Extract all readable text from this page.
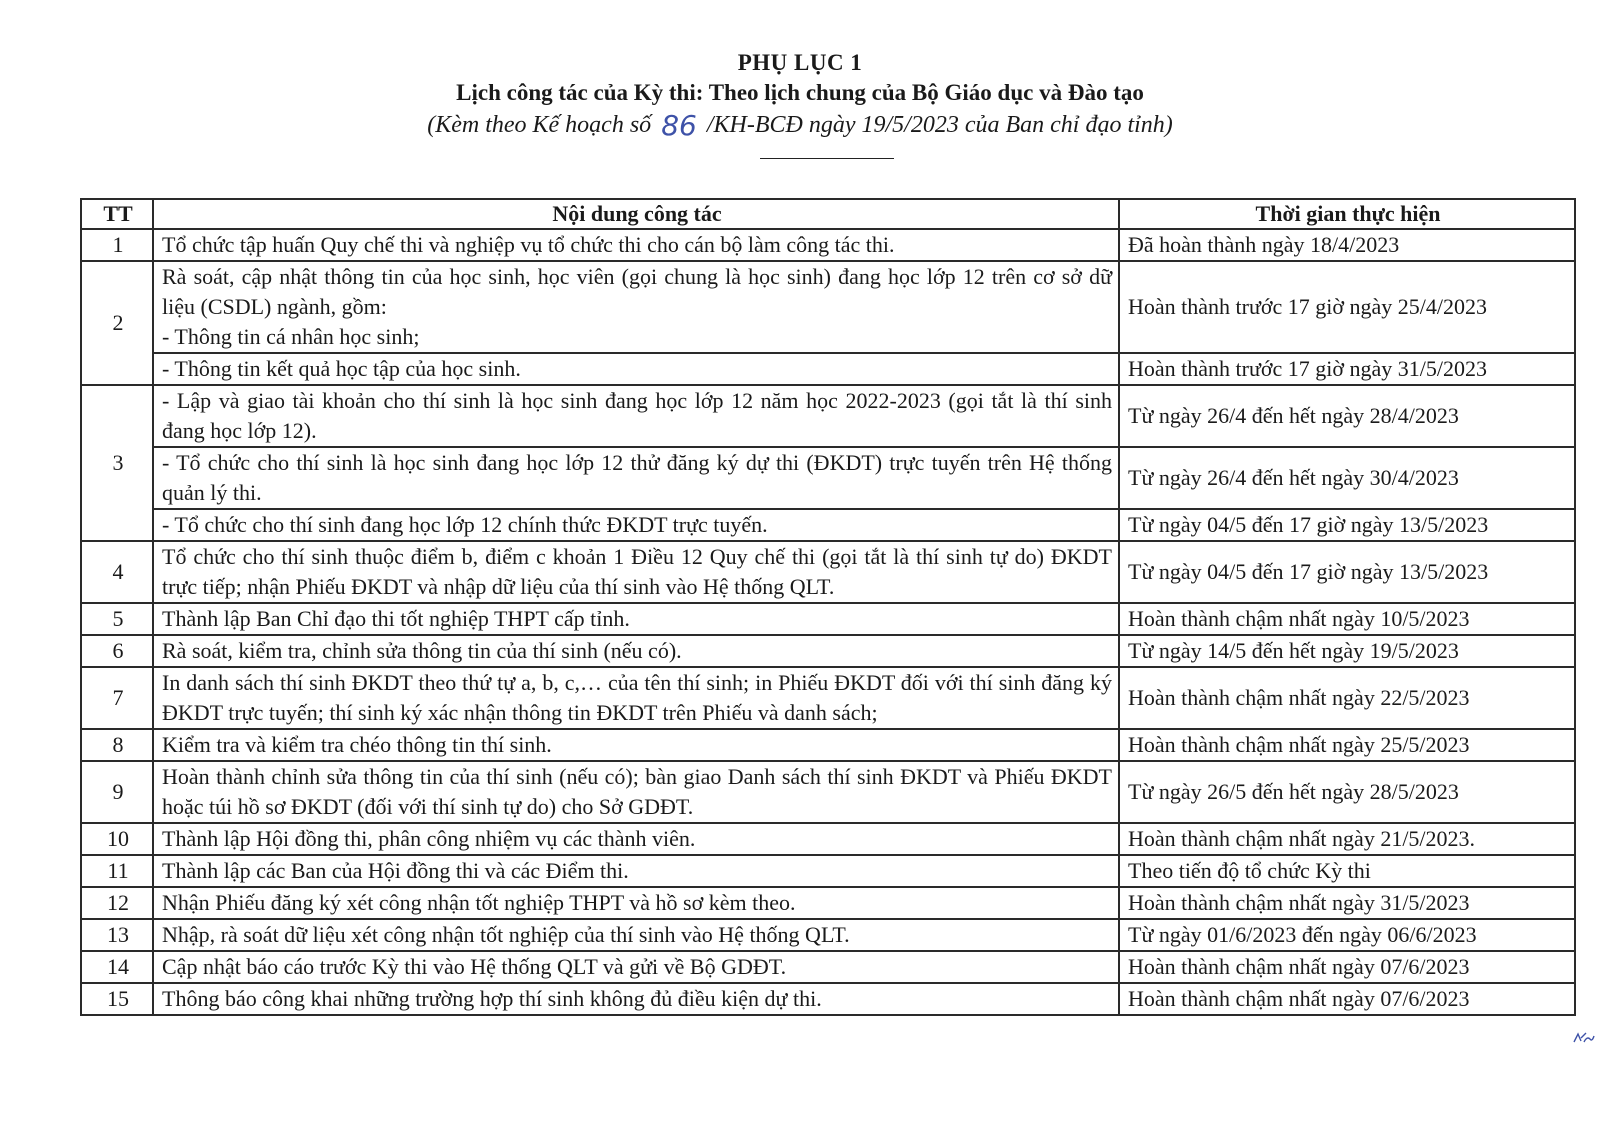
PHỤ LỤC 1
Lịch công tác của Kỳ thi: Theo lịch chung của Bộ Giáo dục và Đào tạo
(Kèm theo Kế hoạch số 86 /KH-BCĐ ngày 19/5/2023 của Ban chỉ đạo tỉnh)
TT	Nội dung công tác	Thời gian thực hiện
1	Tổ chức tập huấn Quy chế thi và nghiệp vụ tổ chức thi cho cán bộ làm công tác thi.	Đã hoàn thành ngày 18/4/2023
2	Rà soát, cập nhật thông tin của học sinh, học viên (gọi chung là học sinh) đang học lớp 12 trên cơ sở dữ liệu (CSDL) ngành, gồm:
- Thông tin cá nhân học sinh;	Hoàn thành trước 17 giờ ngày 25/4/2023
	- Thông tin kết quả học tập của học sinh.	Hoàn thành trước 17 giờ ngày 31/5/2023
3	- Lập và giao tài khoản cho thí sinh là học sinh đang học lớp 12 năm học 2022-2023 (gọi tắt là thí sinh đang học lớp 12).	Từ ngày 26/4 đến hết ngày 28/4/2023
	- Tổ chức cho thí sinh là học sinh đang học lớp 12 thử đăng ký dự thi (ĐKDT) trực tuyến trên Hệ thống quản lý thi.	Từ ngày 26/4 đến hết ngày 30/4/2023
	- Tổ chức cho thí sinh đang học lớp 12 chính thức ĐKDT trực tuyến.	Từ ngày 04/5 đến 17 giờ ngày 13/5/2023
4	Tổ chức cho thí sinh thuộc điểm b, điểm c khoản 1 Điều 12 Quy chế thi (gọi tắt là thí sinh tự do) ĐKDT trực tiếp; nhận Phiếu ĐKDT và nhập dữ liệu của thí sinh vào Hệ thống QLT.	Từ ngày 04/5 đến 17 giờ ngày 13/5/2023
5	Thành lập Ban Chỉ đạo thi tốt nghiệp THPT cấp tỉnh.	Hoàn thành chậm nhất ngày 10/5/2023
6	Rà soát, kiểm tra, chỉnh sửa thông tin của thí sinh (nếu có).	Từ ngày 14/5 đến hết ngày 19/5/2023
7	In danh sách thí sinh ĐKDT theo thứ tự a, b, c,… của tên thí sinh; in Phiếu ĐKDT đối với thí sinh đăng ký ĐKDT trực tuyến; thí sinh ký xác nhận thông tin ĐKDT trên Phiếu và danh sách;	Hoàn thành chậm nhất ngày 22/5/2023
8	Kiểm tra và kiểm tra chéo thông tin thí sinh.	Hoàn thành chậm nhất ngày 25/5/2023
9	Hoàn thành chỉnh sửa thông tin của thí sinh (nếu có); bàn giao Danh sách thí sinh ĐKDT và Phiếu ĐKDT hoặc túi hồ sơ ĐKDT (đối với thí sinh tự do) cho Sở GDĐT.	Từ ngày 26/5 đến hết ngày 28/5/2023
10	Thành lập Hội đồng thi, phân công nhiệm vụ các thành viên.	Hoàn thành chậm nhất ngày 21/5/2023.
11	Thành lập các Ban của Hội đồng thi và các Điểm thi.	Theo tiến độ tổ chức Kỳ thi
12	Nhận Phiếu đăng ký xét công nhận tốt nghiệp THPT và hồ sơ kèm theo.	Hoàn thành chậm nhất ngày 31/5/2023
13	Nhập, rà soát dữ liệu xét công nhận tốt nghiệp của thí sinh vào Hệ thống QLT.	Từ ngày 01/6/2023 đến ngày 06/6/2023
14	Cập nhật báo cáo trước Kỳ thi vào Hệ thống QLT và gửi về Bộ GDĐT.	Hoàn thành chậm nhất ngày 07/6/2023
15	Thông báo công khai những trường hợp thí sinh không đủ điều kiện dự thi.	Hoàn thành chậm nhất ngày 07/6/2023
